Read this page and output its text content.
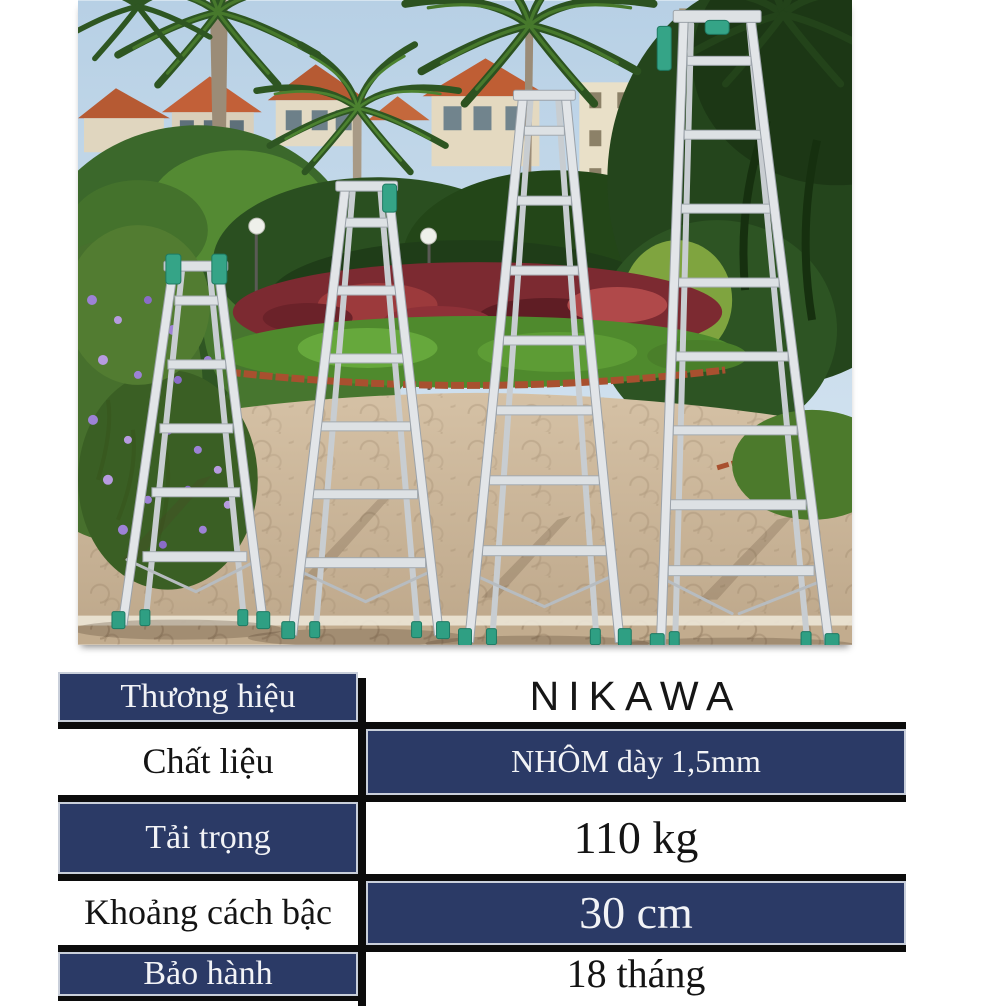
Thương hiệu	NIKAWA
Chất liệu	NHÔM dày 1,5mm
Tải trọng	110 kg
Khoảng cách bậc	30 cm
Bảo hành	18 tháng
